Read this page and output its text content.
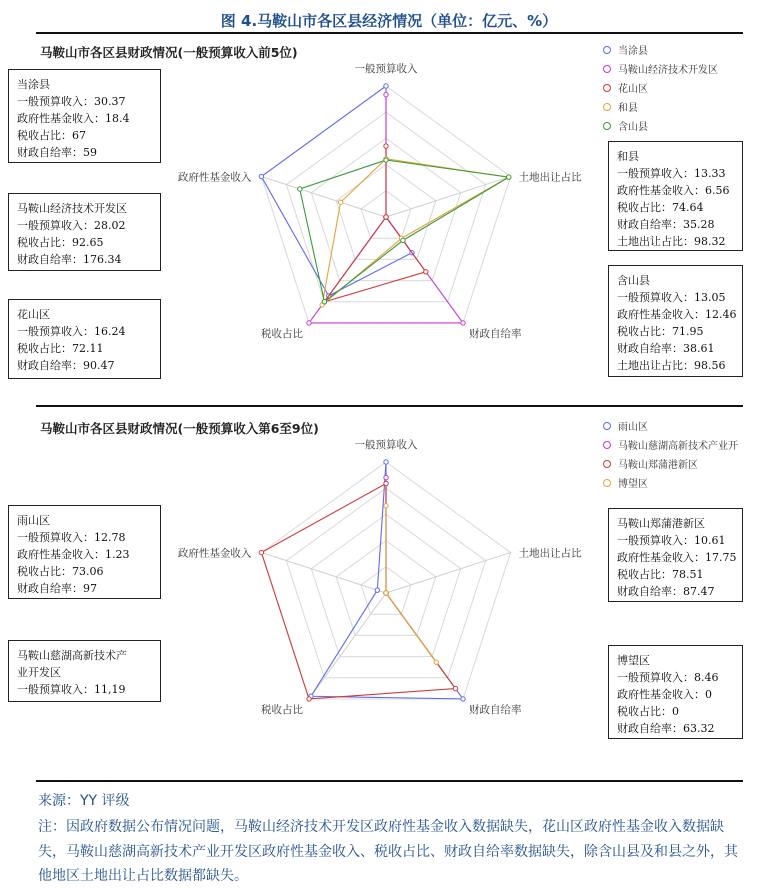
图 4.马鞍山市各区县经济情况（单位：亿元、%）
马鞍山市各区县财政情况(一般预算收入前5位)
一般预算收入
土地出让占比
财政自给率
税收占比
政府性基金收入
当涂县
马鞍山经济技术开发区
花山区
和县
含山县
当涂县
一般预算收入：30.37
政府性基金收入：18.4
税收占比：67
财政自给率：59
马鞍山经济技术开发区
一般预算收入：28.02
税收占比：92.65
财政自给率：176.34
花山区
一般预算收入：16.24
税收占比：72.11
财政自给率：90.47
和县
一般预算收入：13.33
政府性基金收入：6.56
税收占比：74.64
财政自给率：35.28
土地出让占比：98.32
含山县
一般预算收入：13.05
政府性基金收入：12.46
税收占比：71.95
财政自给率：38.61
土地出让占比：98.56
马鞍山市各区县财政情况(一般预算收入第6至9位)
一般预算收入
土地出让占比
财政自给率
税收占比
政府性基金收入
雨山区
马鞍山慈湖高新技术产业开
马鞍山郑蒲港新区
博望区
雨山区
一般预算收入：12.78
政府性基金收入：1.23
税收占比：73.06
财政自给率：97
马鞍山慈湖高新技术产
业开发区
一般预算收入：11,19
马鞍山郑蒲港新区
一般预算收入：10.61
政府性基金收入：17.75
税收占比：78.51
财政自给率：87.47
博望区
一般预算收入：8.46
政府性基金收入：0
税收占比：0
财政自给率：63.32
来源：YY 评级
注：因政府数据公布情况问题，马鞍山经济技术开发区政府性基金收入数据缺失，花山区政府性基金收入数据缺失，马鞍山慈湖高新技术产业开发区政府性基金收入、税收占比、财政自给率数据缺失，除含山县及和县之外，其他地区土地出让占比数据都缺失。
